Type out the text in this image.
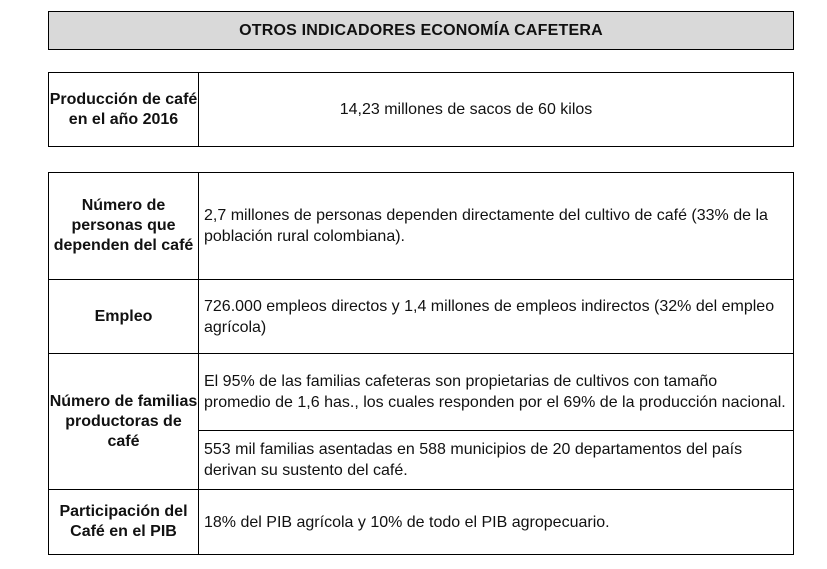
OTROS INDICADORES ECONOMÍA CAFETERA
Producción de café en el año 2016	14,23 millones de sacos de 60 kilos
Número de personas que dependen del café	2,7 millones de personas dependen directamente del cultivo de café (33% de la población rural colombiana).
Empleo	726.000 empleos directos y 1,4 millones de empleos indirectos (32% del empleo agrícola)
Número de familias productoras de café	El 95% de las familias cafeteras son propietarias de cultivos con tamaño promedio de 1,6 has., los cuales responden por el 69% de la producción nacional.
	553 mil familias asentadas en 588 municipios de 20 departamentos del país derivan su sustento del café.
Participación del Café en el PIB	18% del PIB agrícola y 10% de todo el PIB agropecuario.
